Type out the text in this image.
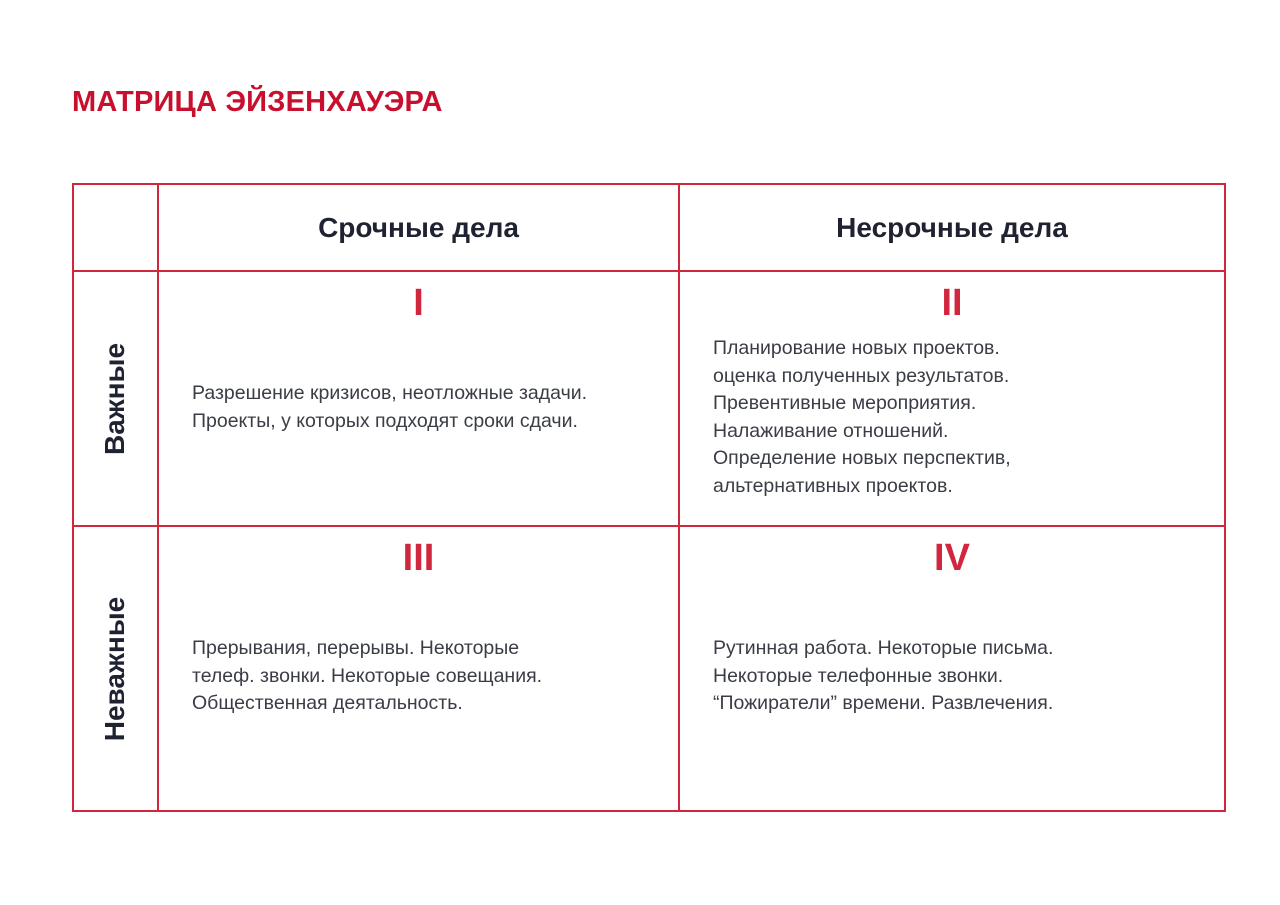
МАТРИЦА ЭЙЗЕНХАУЭРА
Срочные дела	Несрочные дела
Важные
I
Разрешение кризисов, неотложные задачи.
Проекты, у которых подходят сроки сдачи.
II
Планирование новых проектов.
оценка полученных результатов.
Превентивные мероприятия.
Налаживание отношений.
Определение новых перспектив,
альтернативных проектов.
Неважные
III
Прерывания, перерывы. Некоторые
телеф. звонки. Некоторые совещания.
Общественная деятальность.
IV
Рутинная работа. Некоторые письма.
Некоторые телефонные звонки.
“Пожиратели” времени. Развлечения.
